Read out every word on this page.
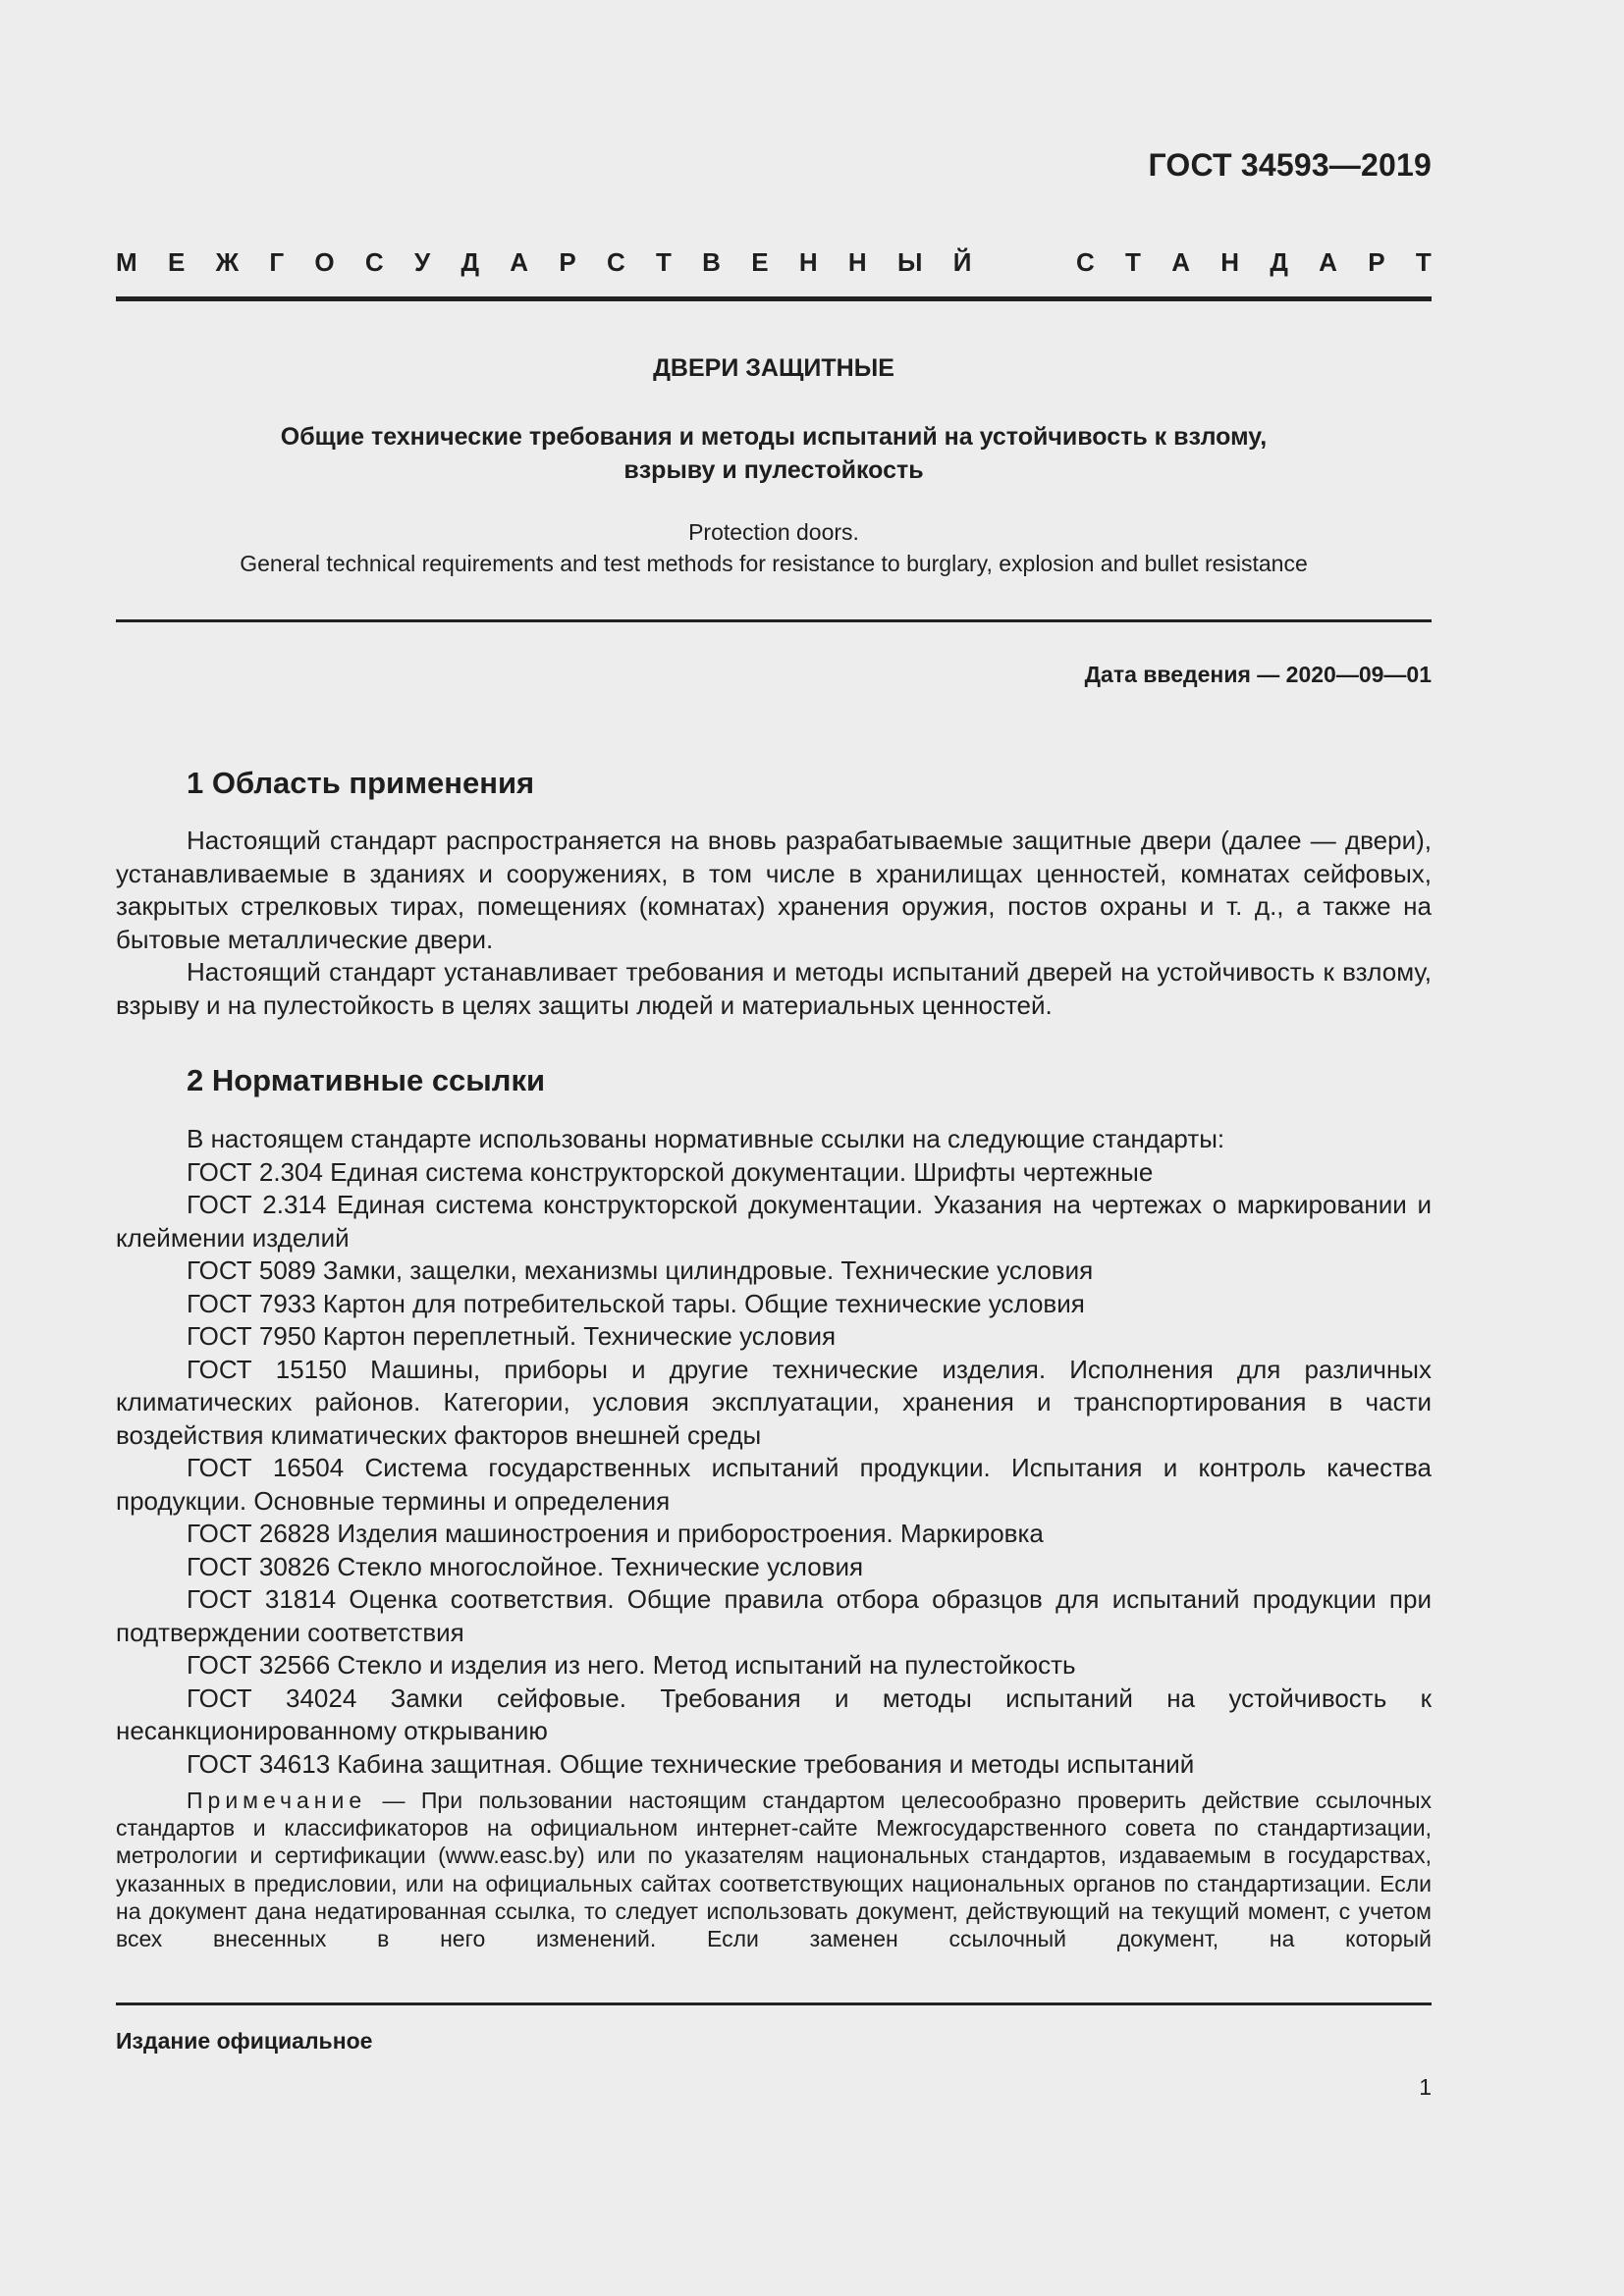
ГОСТ 34593—2019
М Е Ж Г О С У Д А Р С Т В Е Н Н Ы Й	С Т А Н Д А Р Т
ДВЕРИ ЗАЩИТНЫЕ
Общие технические требования и методы испытаний на устойчивость к взлому,
взрыву и пулестойкость
Protection doors.
General technical requirements and test methods for resistance to burglary, explosion and bullet resistance
Дата введения — 2020—09—01
1 Область применения

Настоящий стандарт распространяется на вновь разрабатываемые защитные двери (далее — двери), устанавливаемые в зданиях и сооружениях, в том числе в хранилищах ценностей, комнатах сейфовых, закрытых стрелковых тирах, помещениях (комнатах) хранения оружия, постов охраны и т. д., а также на бытовые металлические двери.

Настоящий стандарт устанавливает требования и методы испытаний дверей на устойчивость к взлому, взрыву и на пулестойкость в целях защиты людей и материальных ценностей.

2 Нормативные ссылки

В настоящем стандарте использованы нормативные ссылки на следующие стандарты:

ГОСТ 2.304 Единая система конструкторской документации. Шрифты чертежные

ГОСТ 2.314 Единая система конструкторской документации. Указания на чертежах о маркировании и клеймении изделий

ГОСТ 5089 Замки, защелки, механизмы цилиндровые. Технические условия

ГОСТ 7933 Картон для потребительской тары. Общие технические условия

ГОСТ 7950 Картон переплетный. Технические условия

ГОСТ 15150 Машины, приборы и другие технические изделия. Исполнения для различных климатических районов. Категории, условия эксплуатации, хранения и транспортирования в части воздействия климатических факторов внешней среды

ГОСТ 16504 Система государственных испытаний продукции. Испытания и контроль качества продукции. Основные термины и определения

ГОСТ 26828 Изделия машиностроения и приборостроения. Маркировка

ГОСТ 30826 Стекло многослойное. Технические условия

ГОСТ 31814 Оценка соответствия. Общие правила отбора образцов для испытаний продукции при подтверждении соответствия

ГОСТ 32566 Стекло и изделия из него. Метод испытаний на пулестойкость

ГОСТ 34024 Замки сейфовые. Требования и методы испытаний на устойчивость к несанкционированному открыванию

ГОСТ 34613 Кабина защитная. Общие технические требования и методы испытаний

Примечание — При пользовании настоящим стандартом целесообразно проверить действие ссылочных стандартов и классификаторов на официальном интернет-сайте Межгосударственного совета по стандартизации, метрологии и сертификации (www.easc.by) или по указателям национальных стандартов, издаваемым в государствах, указанных в предисловии, или на официальных сайтах соответствующих национальных органов по стандартизации. Если на документ дана недатированная ссылка, то следует использовать документ, действующий на текущий момент, с учетом всех внесенных в него изменений. Если заменен ссылочный документ, на который

Издание официальное
1
